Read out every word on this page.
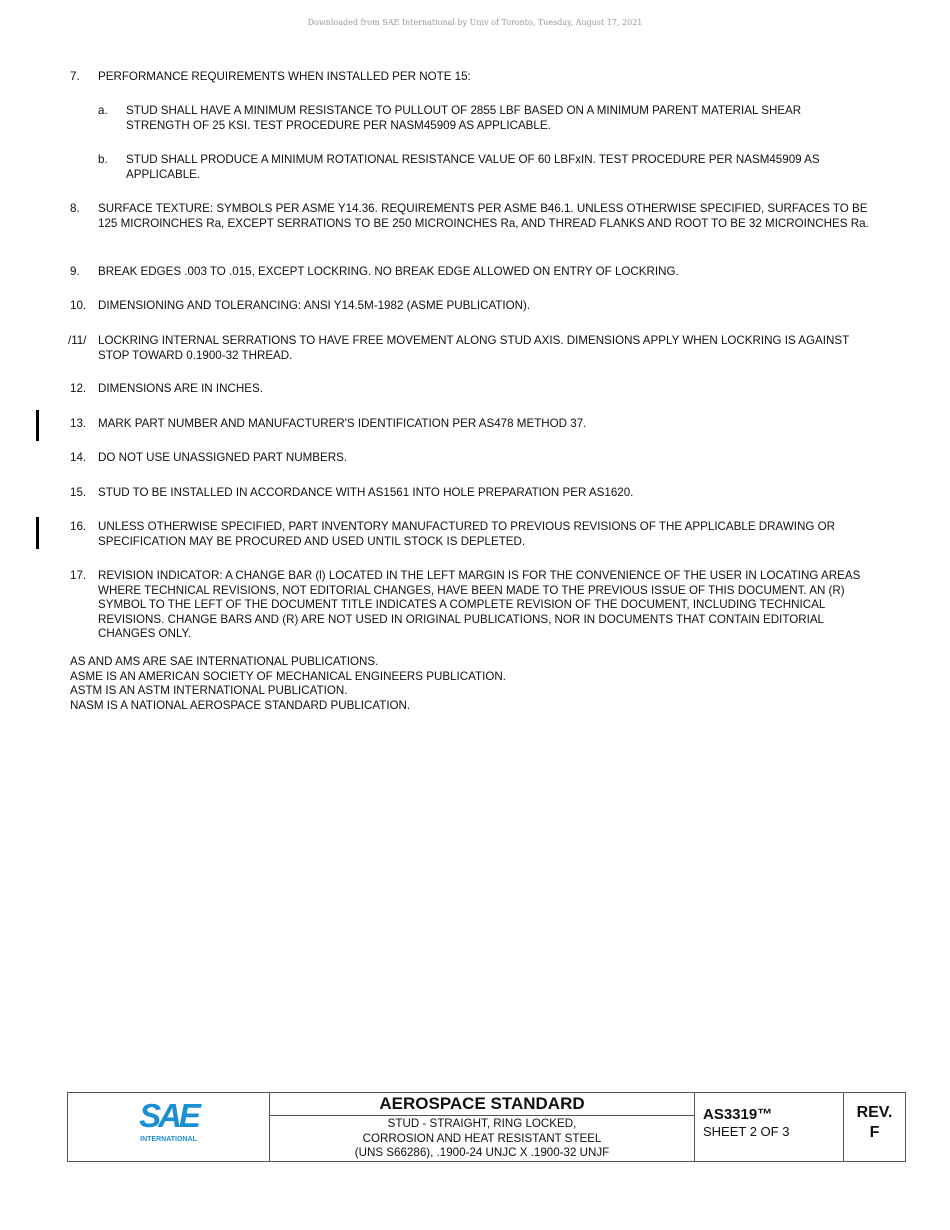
Downloaded from SAE International by Univ of Toronto, Tuesday, August 17, 2021
7. PERFORMANCE REQUIREMENTS WHEN INSTALLED PER NOTE 15:
a. STUD SHALL HAVE A MINIMUM RESISTANCE TO PULLOUT OF 2855 LBF BASED ON A MINIMUM PARENT MATERIAL SHEAR STRENGTH OF 25 KSI. TEST PROCEDURE PER NASM45909 AS APPLICABLE.
b. STUD SHALL PRODUCE A MINIMUM ROTATIONAL RESISTANCE VALUE OF 60 LBFxIN. TEST PROCEDURE PER NASM45909 AS APPLICABLE.
8. SURFACE TEXTURE: SYMBOLS PER ASME Y14.36. REQUIREMENTS PER ASME B46.1. UNLESS OTHERWISE SPECIFIED, SURFACES TO BE 125 MICROINCHES Ra, EXCEPT SERRATIONS TO BE 250 MICROINCHES Ra, AND THREAD FLANKS AND ROOT TO BE 32 MICROINCHES Ra.
9. BREAK EDGES .003 TO .015, EXCEPT LOCKRING. NO BREAK EDGE ALLOWED ON ENTRY OF LOCKRING.
10. DIMENSIONING AND TOLERANCING: ANSI Y14.5M-1982 (ASME PUBLICATION).
/11/ LOCKRING INTERNAL SERRATIONS TO HAVE FREE MOVEMENT ALONG STUD AXIS. DIMENSIONS APPLY WHEN LOCKRING IS AGAINST STOP TOWARD 0.1900-32 THREAD.
12. DIMENSIONS ARE IN INCHES.
13. MARK PART NUMBER AND MANUFACTURER'S IDENTIFICATION PER AS478 METHOD 37.
14. DO NOT USE UNASSIGNED PART NUMBERS.
15. STUD TO BE INSTALLED IN ACCORDANCE WITH AS1561 INTO HOLE PREPARATION PER AS1620.
16. UNLESS OTHERWISE SPECIFIED, PART INVENTORY MANUFACTURED TO PREVIOUS REVISIONS OF THE APPLICABLE DRAWING OR SPECIFICATION MAY BE PROCURED AND USED UNTIL STOCK IS DEPLETED.
17. REVISION INDICATOR: A CHANGE BAR (l) LOCATED IN THE LEFT MARGIN IS FOR THE CONVENIENCE OF THE USER IN LOCATING AREAS WHERE TECHNICAL REVISIONS, NOT EDITORIAL CHANGES, HAVE BEEN MADE TO THE PREVIOUS ISSUE OF THIS DOCUMENT. AN (R) SYMBOL TO THE LEFT OF THE DOCUMENT TITLE INDICATES A COMPLETE REVISION OF THE DOCUMENT, INCLUDING TECHNICAL REVISIONS. CHANGE BARS AND (R) ARE NOT USED IN ORIGINAL PUBLICATIONS, NOR IN DOCUMENTS THAT CONTAIN EDITORIAL CHANGES ONLY.
AS AND AMS ARE SAE INTERNATIONAL PUBLICATIONS.
ASME IS AN AMERICAN SOCIETY OF MECHANICAL ENGINEERS PUBLICATION.
ASTM IS AN ASTM INTERNATIONAL PUBLICATION.
NASM IS A NATIONAL AEROSPACE STANDARD PUBLICATION.
SAE
INTERNATIONAL

AEROSPACE STANDARD
STUD - STRAIGHT, RING LOCKED,
CORROSION AND HEAT RESISTANT STEEL
(UNS S66286), .1900-24 UNJC X .1900-32 UNJF

AS3319™
SHEET 2 OF 3	
REV.
F
